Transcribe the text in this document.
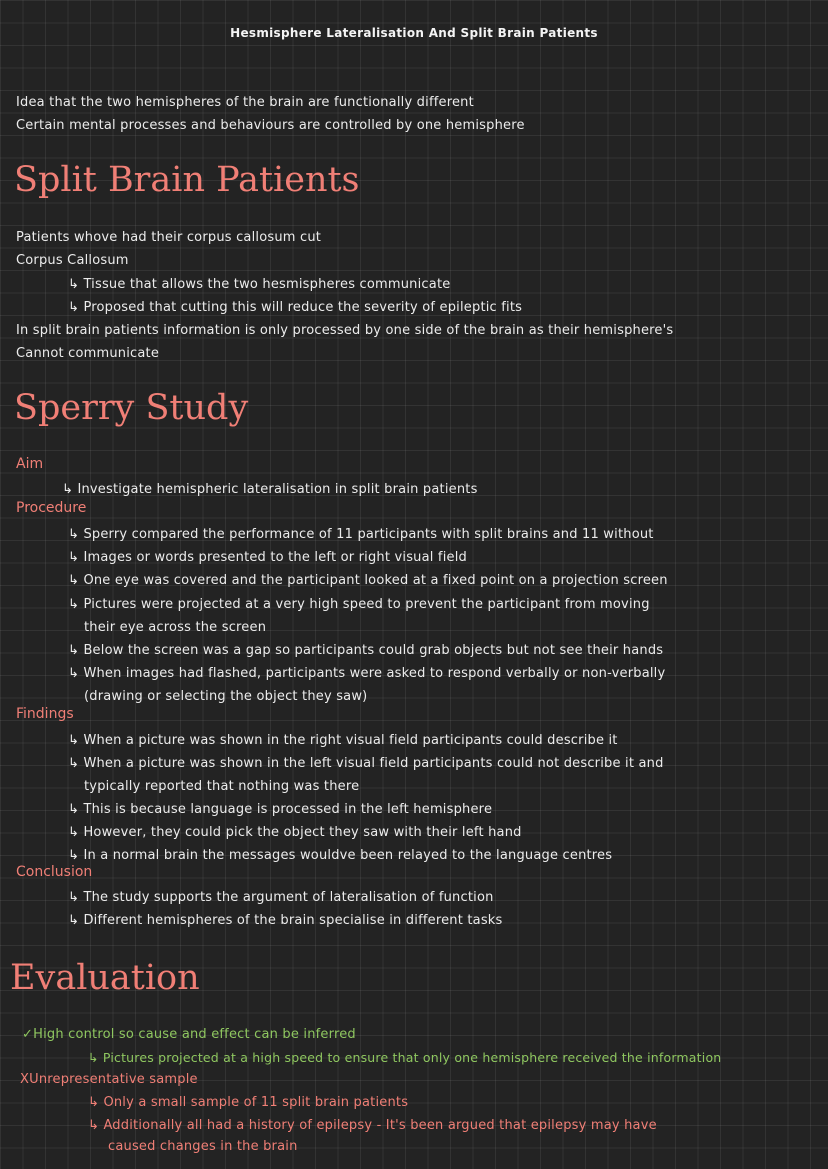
Hesmisphere Lateralisation And Split Brain Patients
Idea that the two hemispheres of the brain are functionally different
Certain mental processes and behaviours are controlled by one hemisphere
Split Brain Patients
Patients whove had their corpus callosum cut
Corpus Callosum
↳ Tissue that allows the two hesmispheres communicate
↳ Proposed that cutting this will reduce the severity of epileptic fits
In split brain patients information is only processed by one side of the brain as their hemisphere's
Cannot communicate
Sperry Study
Aim
↳ Investigate hemispheric lateralisation in split brain patients
Procedure
↳ Sperry compared the performance of 11 participants with split brains and 11 without
↳ Images or words presented to the left or right visual field
↳ One eye was covered and the participant looked at a fixed point on a projection screen
↳ Pictures were projected at a very high speed to prevent the participant from moving
their eye across the screen
↳ Below the screen was a gap so participants could grab objects but not see their hands
↳ When images had flashed, participants were asked to respond verbally or non-verbally
(drawing or selecting the object they saw)
Findings
↳ When a picture was shown in the right visual field participants could describe it
↳ When a picture was shown in the left visual field participants could not describe it and
typically reported that nothing was there
↳ This is because language is processed in the left hemisphere
↳ However, they could pick the object they saw with their left hand
↳ In a normal brain the messages wouldve been relayed to the language centres
Conclusion
↳ The study supports the argument of lateralisation of function
↳ Different hemispheres of the brain specialise in different tasks
Evaluation
✓High control so cause and effect can be inferred
↳ Pictures projected at a high speed to ensure that only one hemisphere received the information
XUnrepresentative sample
↳ Only a small sample of 11 split brain patients
↳ Additionally all had a history of epilepsy - It's been argued that epilepsy may have
caused changes in the brain
